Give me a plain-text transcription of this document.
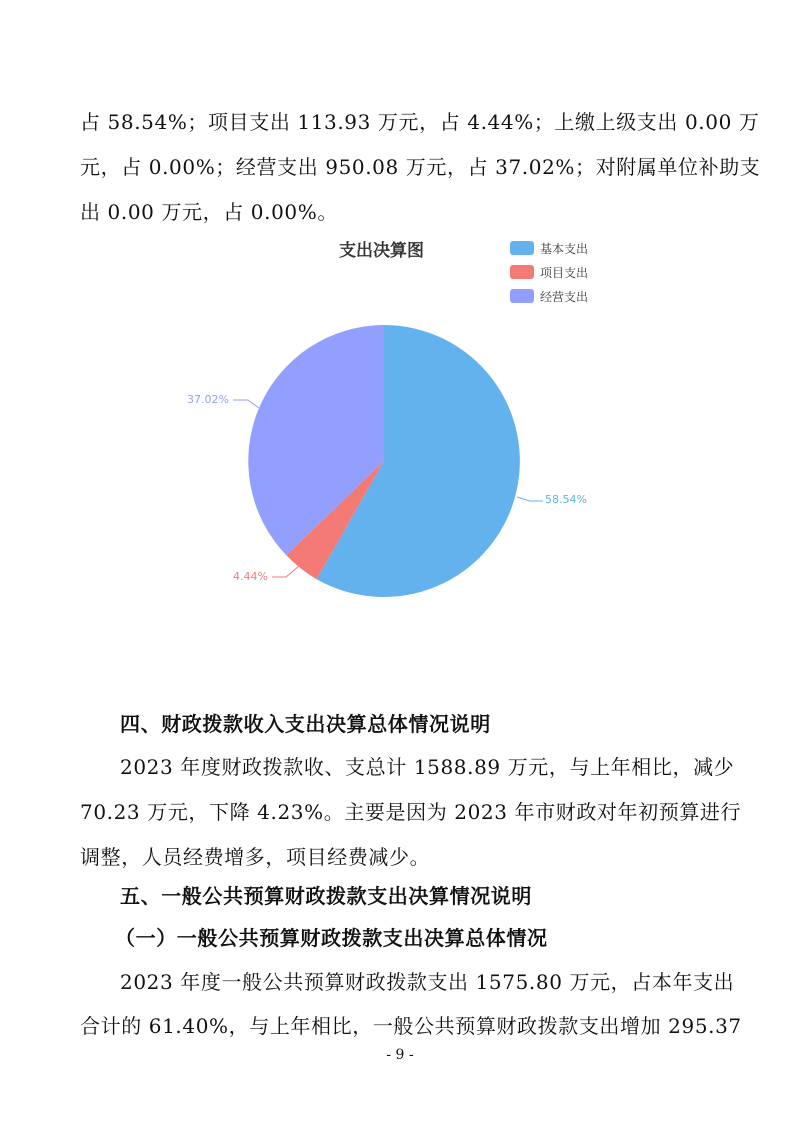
占 58.54%；项目支出 113.93 万元，占 4.44%；上缴上级支出 0.00 万
元，占 0.00%；经营支出 950.08 万元，占 37.02%；对附属单位补助支
出 0.00 万元，占 0.00%。
支出决算图	基本支出
项目支出
经营支出
58.54%
4.44%
37.02%
四、财政拨款收入支出决算总体情况说明
2023 年度财政拨款收、支总计 1588.89 万元，与上年相比，减少
70.23 万元，下降 4.23%。主要是因为 2023 年市财政对年初预算进行
调整，人员经费增多，项目经费减少。
五、一般公共预算财政拨款支出决算情况说明
（一）一般公共预算财政拨款支出决算总体情况
2023 年度一般公共预算财政拨款支出 1575.80 万元，占本年支出
合计的 61.40%，与上年相比，一般公共预算财政拨款支出增加 295.37
- 9 -
